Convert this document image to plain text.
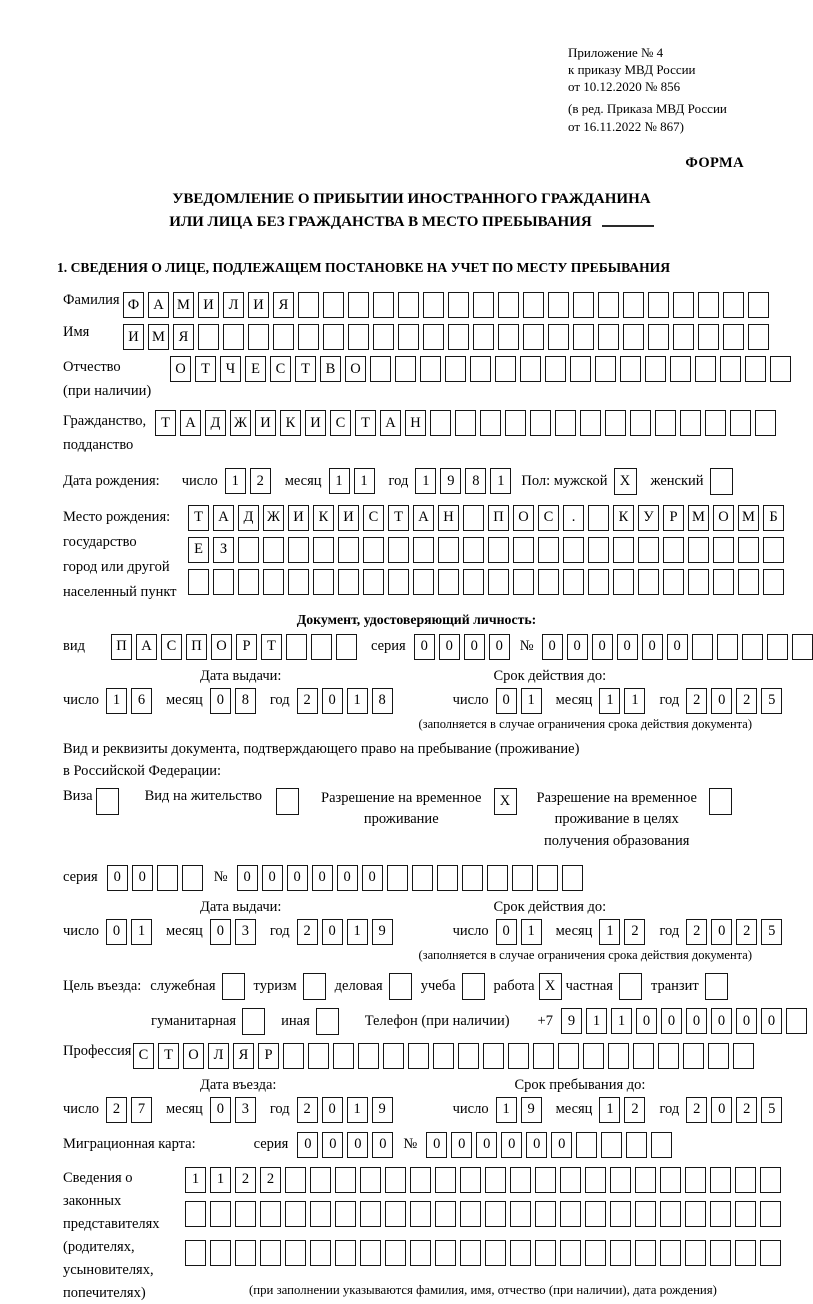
Приложение № 4
к приказу МВД России
от 10.12.2020 № 856
(в ред. Приказа МВД России
от 16.11.2022 № 867)
ФОРМА
УВЕДОМЛЕНИЕ О ПРИБЫТИИ ИНОСТРАННОГО ГРАЖДАНИНА
ИЛИ ЛИЦА БЕЗ ГРАЖДАНСТВА В МЕСТО ПРЕБЫВАНИЯ
1. СВЕДЕНИЯ О ЛИЦЕ, ПОДЛЕЖАЩЕМ ПОСТАНОВКЕ НА УЧЕТ ПО МЕСТУ ПРЕБЫВАНИЯ
Фамилия Ф А М И	Л	И	Я
Имя	И М Я
Отчество
(при наличии)
О	Т	Ч	Е	С	Т	В	О
Гражданство,
подданство
Т	А	Д Ж И	К	И	С	Т	А	Н
Дата рождения: число 1	2	месяц 1	1	год 1	9	8	1	Пол: мужской X	женский
Место рождения:
государство
город или другой
населенный пункт
Т	А	Д Ж И	К	И	С	Т	А	Н	П	О	С	.	К	У	Р	М О М Б

Е	З

Документ, удостоверяющий личность:
вид	П	А	С	П	О	Р	Т	серия	0	0	0	0	№	0	0	0	0	0	0
Дата выдачи:	Срок действия до:
число 1	6	месяц 0	8	год 2	0	1	8	число 0	1	месяц 1	1	год 2	0	2	5
(заполняется в случае ограничения срока действия документа)
Вид и реквизиты документа, подтверждающего право на пребывание (проживание)
в Российской Федерации:
Виза	Вид на жительство	Разрешение на временное
проживание
X	Разрешение на временное
проживание в целях
получения образования
серия	0	0	№	0	0	0	0	0	0
Дата выдачи:	Срок действия до:
число 0	1	месяц 0	3	год 2	0	1	9	число 0	1	месяц 1	2	год 2	0	2	5
(заполняется в случае ограничения срока действия документа)
Цель въезда: служебная	туризм	деловая	учеба	работа X частная	транзит
гуманитарная	иная	Телефон (при наличии) +7	9	1	1	0	0	0	0	0	0
Профессия С	Т	О	Л	Я	Р
Дата въезда:	Срок пребывания до:
число 2	7	месяц 0	3	год 2	0	1	9	число 1	9	месяц 1	2	год 2	0	2	5
Миграционная карта:	серия	0	0	0	0	№	0	0	0	0	0	0
Сведения о
законных
представителях
(родителях,
усыновителях,
попечителях)
1	1	2	2

(при заполнении указываются фамилия, имя, отчество (при наличии), дата рождения)
